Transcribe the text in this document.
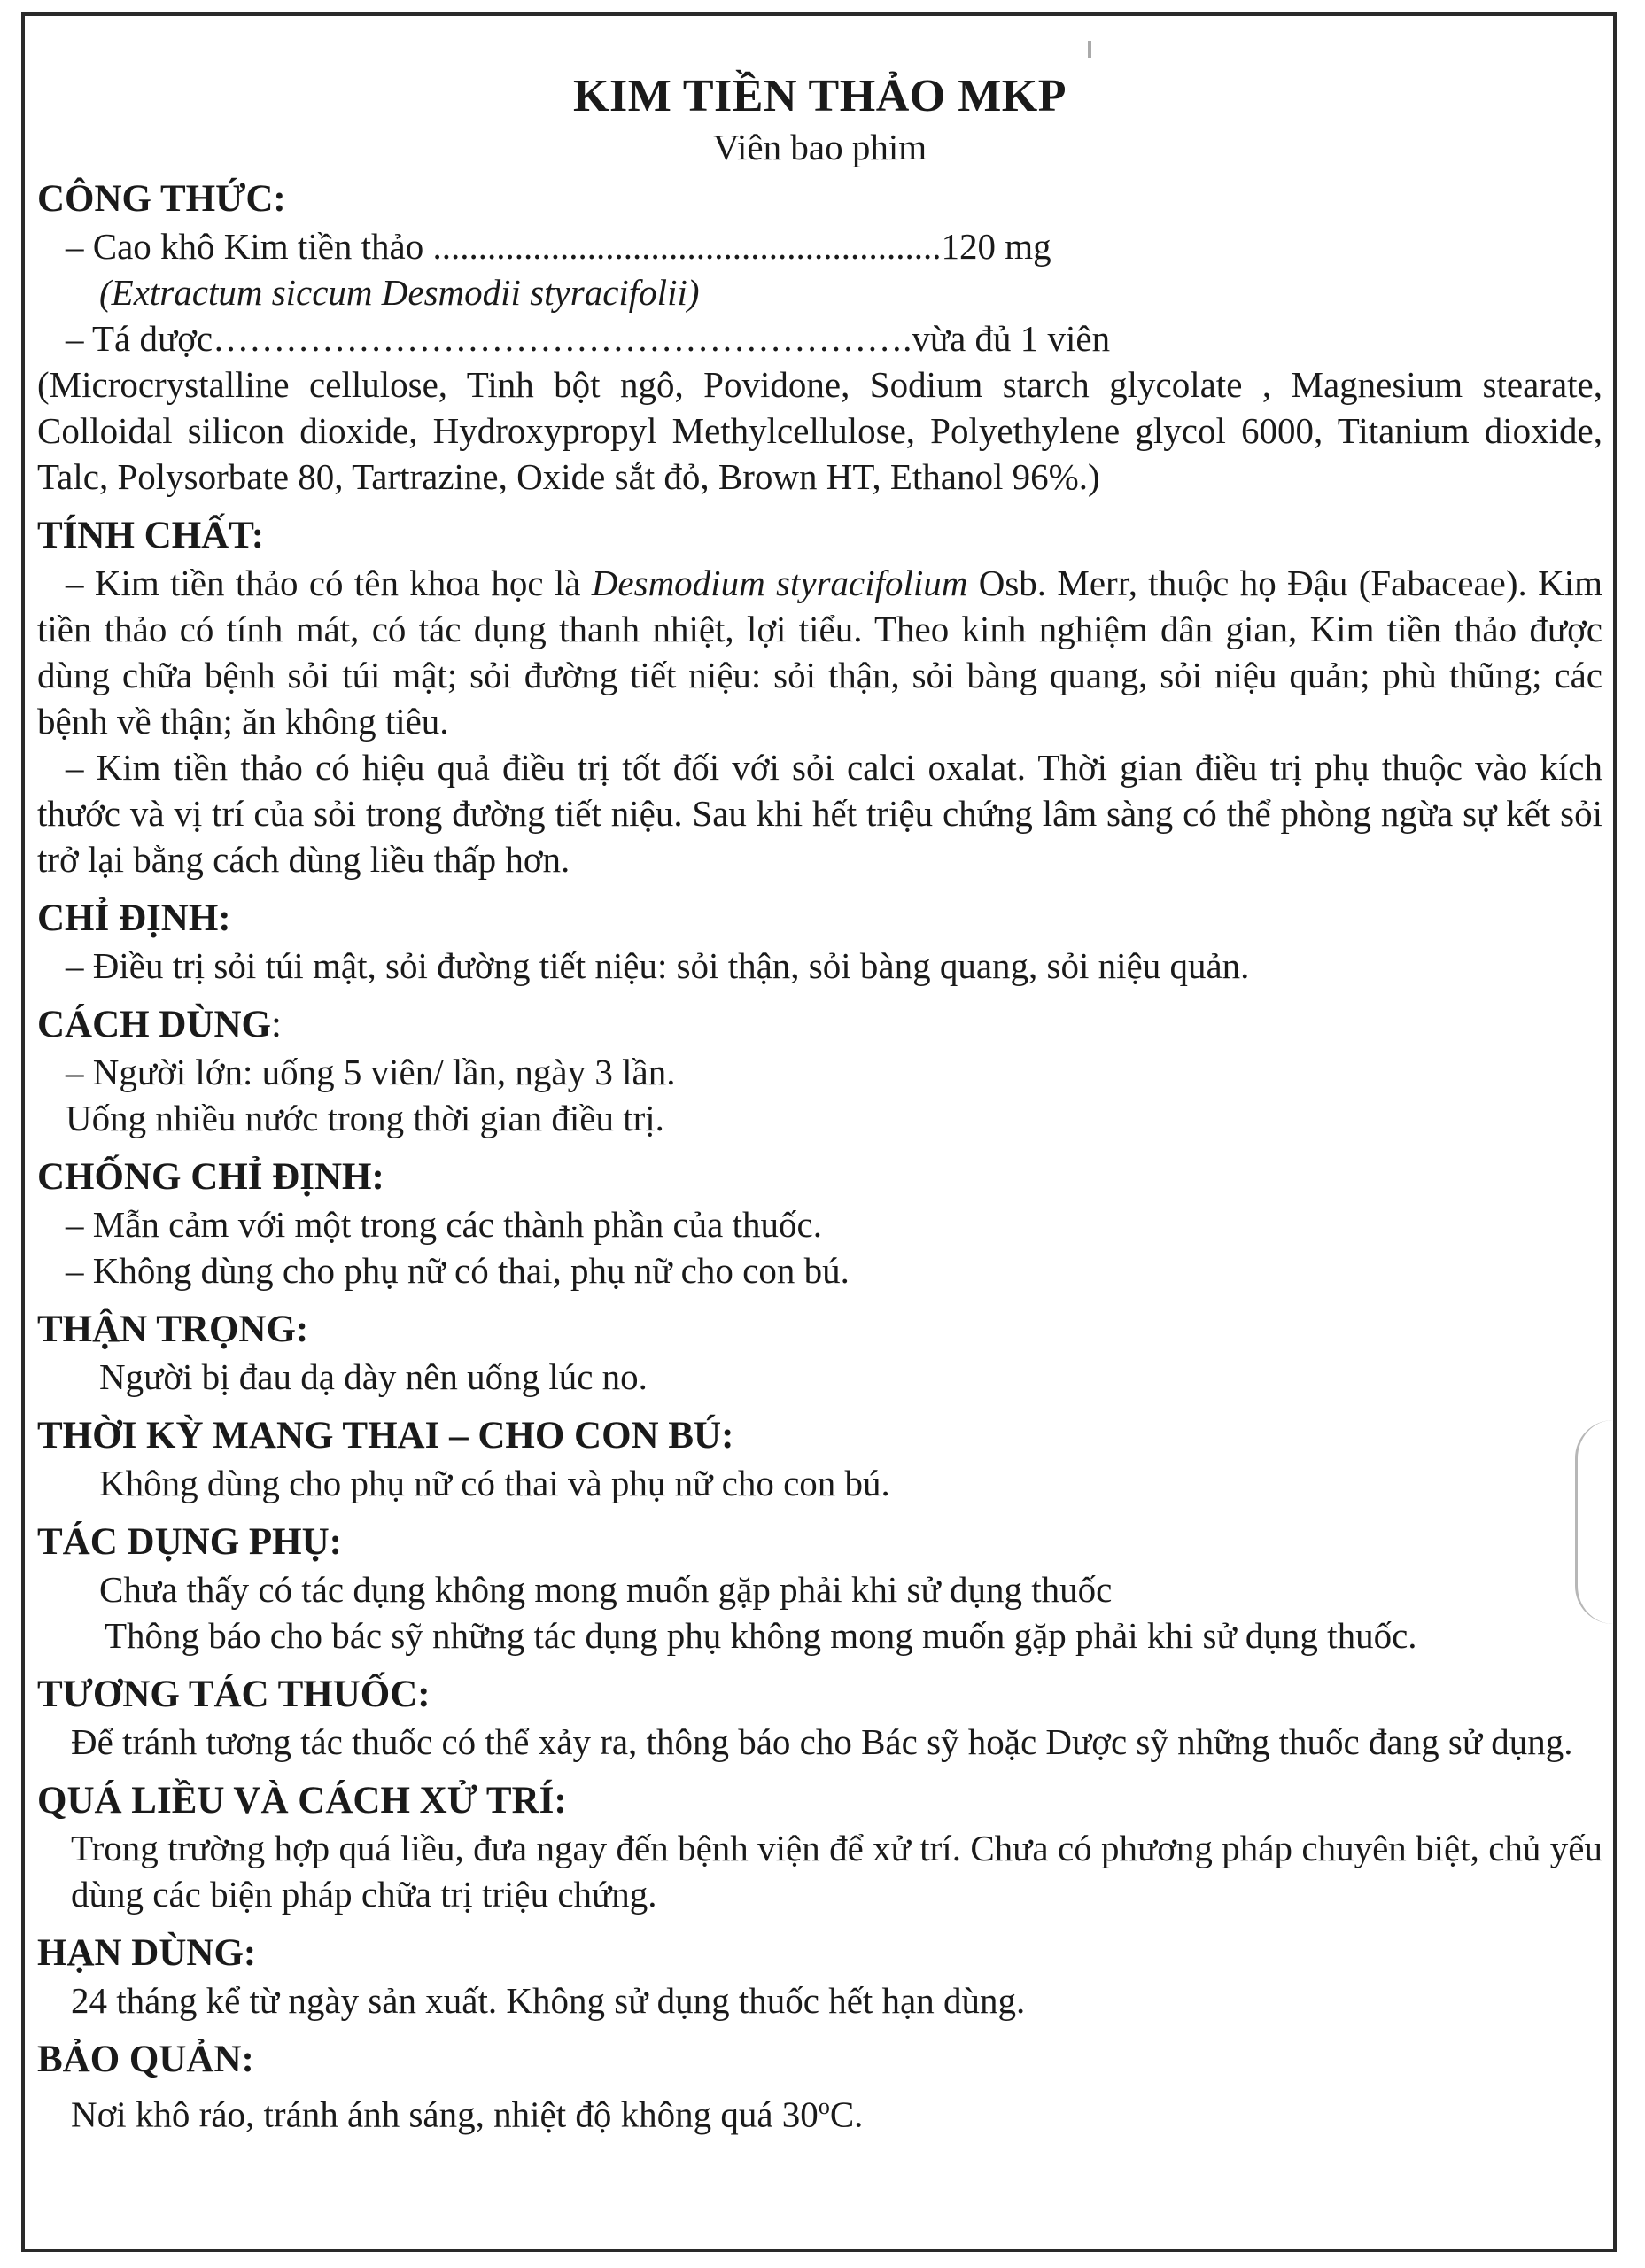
KIM TIỀN THẢO MKP
Viên bao phim
CÔNG THỨC:
– Cao khô Kim tiền thảo ........................................................120 mg
(Extractum siccum Desmodii styracifolii)
– Tá dược………………………………………………….vừa đủ 1 viên
(Microcrystalline cellulose, Tinh bột ngô, Povidone, Sodium starch glycolate , Magnesium stearate, Colloidal silicon dioxide, Hydroxypropyl Methylcellulose, Polyethylene glycol 6000, Titanium dioxide, Talc, Polysorbate 80, Tartrazine, Oxide sắt đỏ, Brown HT, Ethanol 96%.)
TÍNH CHẤT:
– Kim tiền thảo có tên khoa học là Desmodium styracifolium Osb. Merr, thuộc họ Đậu (Fabaceae). Kim tiền thảo có tính mát, có tác dụng thanh nhiệt, lợi tiểu. Theo kinh nghiệm dân gian, Kim tiền thảo được dùng chữa bệnh sỏi túi mật; sỏi đường tiết niệu: sỏi thận, sỏi bàng quang, sỏi niệu quản; phù thũng; các bệnh về thận; ăn không tiêu.
– Kim tiền thảo có hiệu quả điều trị tốt đối với sỏi calci oxalat. Thời gian điều trị phụ thuộc vào kích thước và vị trí của sỏi trong đường tiết niệu. Sau khi hết triệu chứng lâm sàng có thể phòng ngừa sự kết sỏi trở lại bằng cách dùng liều thấp hơn.
CHỈ ĐỊNH:
– Điều trị sỏi túi mật, sỏi đường tiết niệu: sỏi thận, sỏi bàng quang, sỏi niệu quản.
CÁCH DÙNG:
– Người lớn: uống 5 viên/ lần, ngày 3 lần.
Uống nhiều nước trong thời gian điều trị.
CHỐNG CHỈ ĐỊNH:
– Mẫn cảm với một trong các thành phần của thuốc.
– Không dùng cho phụ nữ có thai, phụ nữ cho con bú.
THẬN TRỌNG:
Người bị đau dạ dày nên uống lúc no.
THỜI KỲ MANG THAI – CHO CON BÚ:
Không dùng cho phụ nữ có thai và phụ nữ cho con bú.
TÁC DỤNG PHỤ:
Chưa thấy có tác dụng không mong muốn gặp phải khi sử dụng thuốc
Thông báo cho bác sỹ những tác dụng phụ không mong muốn gặp phải khi sử dụng thuốc.
TƯƠNG TÁC THUỐC:
Để tránh tương tác thuốc có thể xảy ra, thông báo cho Bác sỹ hoặc Dược sỹ những thuốc đang sử dụng.
QUÁ LIỀU VÀ CÁCH XỬ TRÍ:
Trong trường hợp quá liều, đưa ngay đến bệnh viện để xử trí. Chưa có phương pháp chuyên biệt, chủ yếu dùng các biện pháp chữa trị triệu chứng.
HẠN DÙNG:
24 tháng kể từ ngày sản xuất. Không sử dụng thuốc hết hạn dùng.
BẢO QUẢN:
Nơi khô ráo, tránh ánh sáng, nhiệt độ không quá 30$^o$C.
